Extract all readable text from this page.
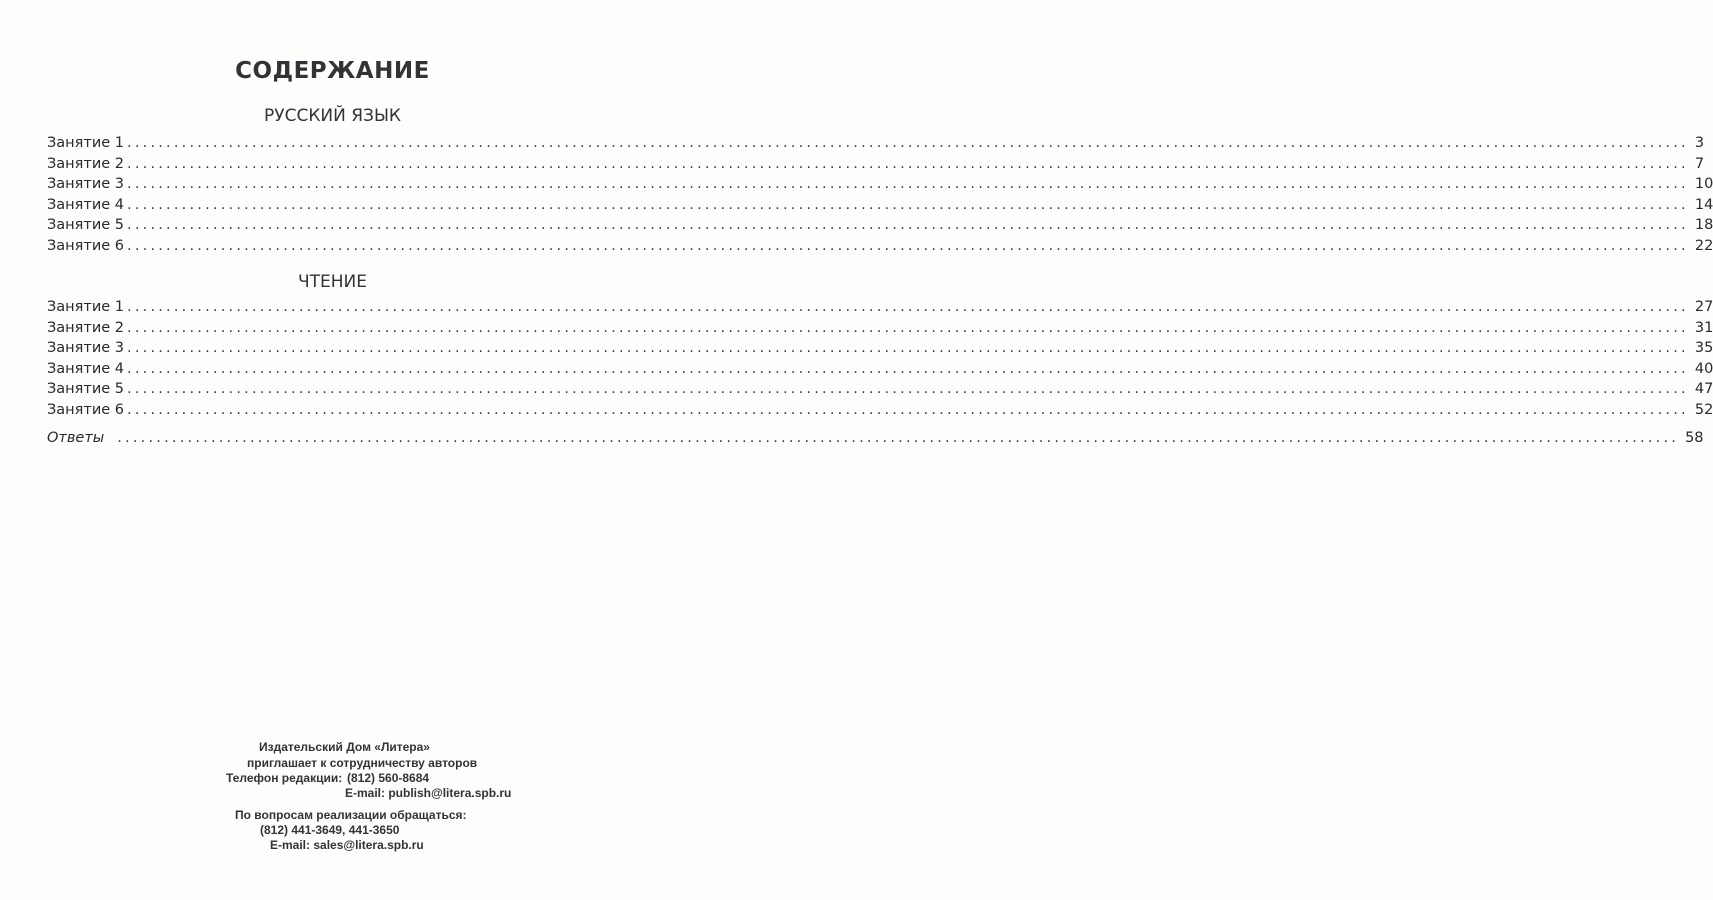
СОДЕРЖАНИЕ
РУССКИЙ ЯЗЫК
Занятие 1 ........................................................................................................................................................................................................ 3
Занятие 2 ........................................................................................................................................................................................................ 7
Занятие 3 ........................................................................................................................................................................................................ 10
Занятие 4 ........................................................................................................................................................................................................ 14
Занятие 5 ........................................................................................................................................................................................................ 18
Занятие 6 ........................................................................................................................................................................................................ 22
ЧТЕНИЕ
Занятие 1 ........................................................................................................................................................................................................ 27
Занятие 2 ........................................................................................................................................................................................................ 31
Занятие 3 ........................................................................................................................................................................................................ 35
Занятие 4 ........................................................................................................................................................................................................ 40
Занятие 5 ........................................................................................................................................................................................................ 47
Занятие 6 ........................................................................................................................................................................................................ 52
Ответы ........................................................................................................................................................................................................ 58
Издательский Дом «Литера»
приглашает к сотрудничеству авторов
Телефон редакции: (812) 560-8684
E-mail: publish@litera.spb.ru
По вопросам реализации обращаться:
(812) 441-3649, 441-3650
E-mail: sales@litera.spb.ru
